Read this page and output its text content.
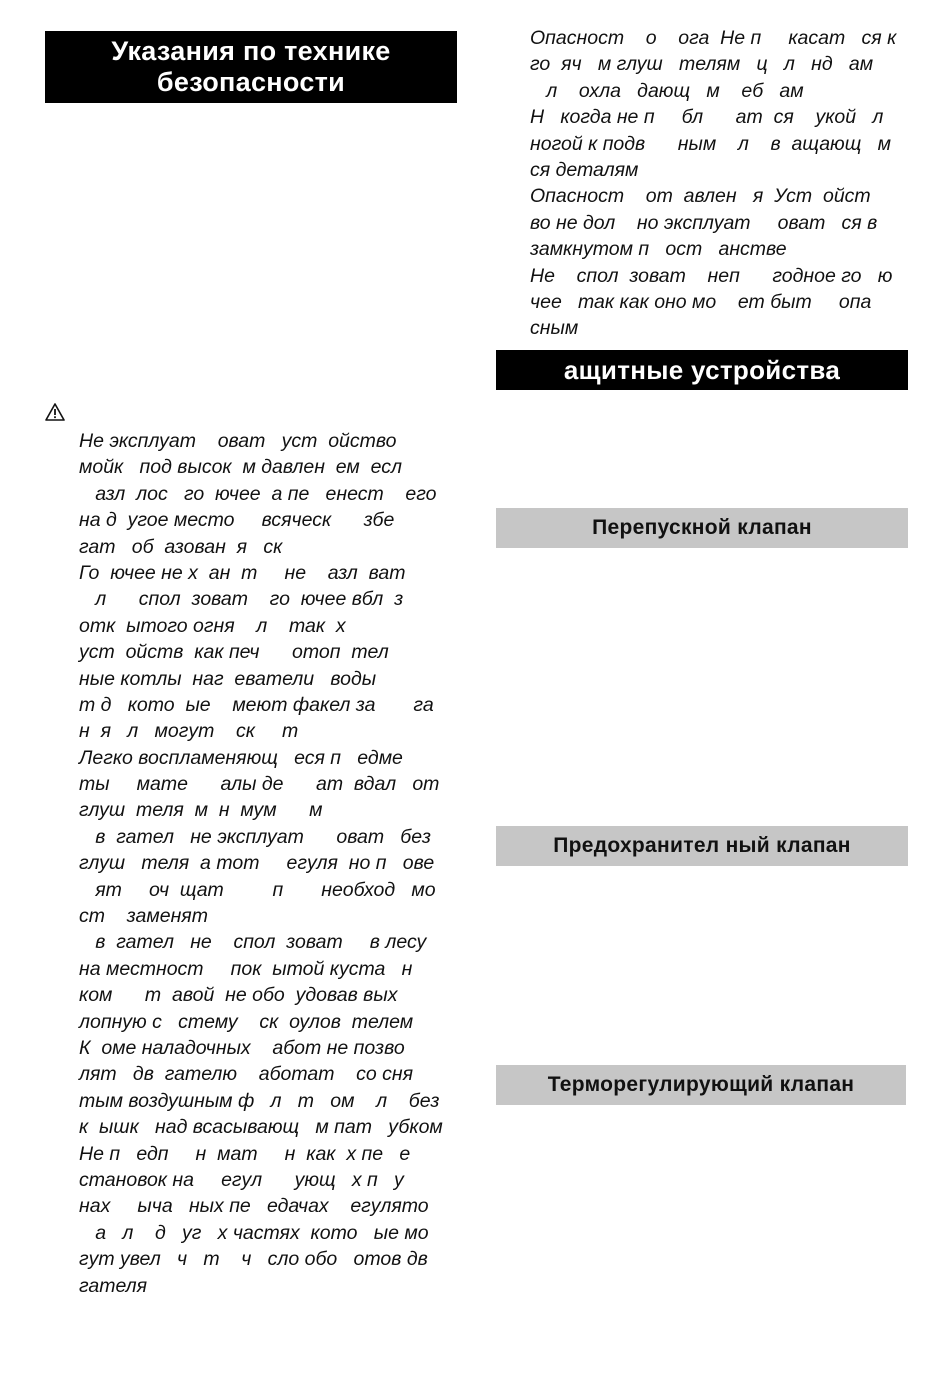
Указания по технике
безопасности
Не эксплуат    оват   уст  ойство
мойк   под высок  м давлен  ем  есл
азл  лос   го  ючее  а пе   енест    его
на д  угое место     всяческ      збе
гат   об  азован  я   ск
Го  ючее не х  ан  т     не    азл  ват
л      спол  зоват    го  ючее вбл  з
отк  ытого огня    л    так  х
уст  ойств  как печ      отоп  тел
ные котлы  наг  еватели   воды
т д   кото  ые    меют факел за       га
н  я   л   могут    ск     т
Легко воспламеняющ   еся п   едме
ты     мате      алы де      ат  вдал   от
глуш  теля  м  н  мум      м
в  гател   не эксплуат      оват   без
глуш   теля  а тот     егуля  но п   ове
ят     оч  щат         п       необход   мо
ст    заменят
в  гател   не    спол  зоват     в лесу
на местност     пок  ытой куста   н
ком      т  авой  не обо  удовав вых
лопную с   стему    ск  оулов  телем
К  оме наладочных    абот не позво
лят   дв  гателю    аботат    со сня
тым воздушным ф   л   т   ом    л    без
к  ышк   над всасывающ   м пат   убком
Не п   едп     н  мат     н  как  х пе   е
становок на     егул      ующ   х п   у
нах     ыча   ных пе   едачах    егулято
а   л    д   уг   х частях  кото   ые мо
гут увел   ч   т    ч   сло обо   отов дв
гателя
Опасност    о    ога  Не п     касат   ся к
го  яч   м глуш   телям   ц   л   нд   ам
л    охла   дающ   м    еб   ам
Н   когда не п     бл      ат  ся    укой   л
ногой к подв      ным    л    в  ащающ   м
ся деталям
Опасност    от  авлен   я  Уст  ойст
во не дол    но эксплуат     оват   ся в
замкнутом п   ост   анстве
Не    спол  зоват    неп      годное го   ю
чее   так как оно мо    ет быт     опа
сным
ащитные устройства
Перепускной клапан
Предохранител ный клапан
Терморегулирующий клапан
